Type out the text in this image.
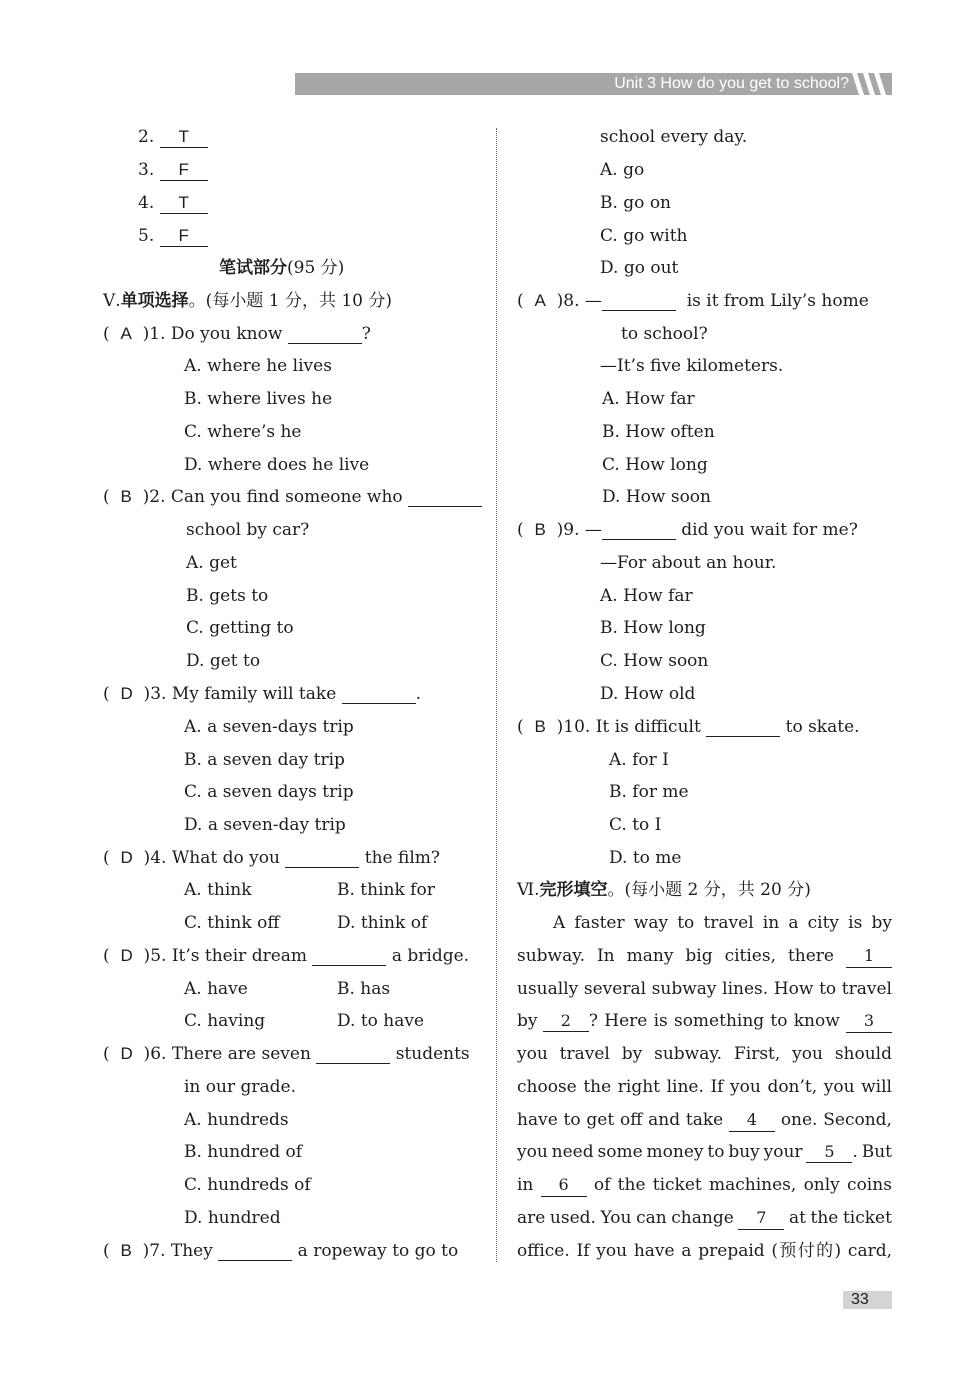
Unit 3 How do you get to school?
2. T
3. F
4. T
5. F
笔试部分(95 分)
Ⅴ.单项选择。(每小题 1 分，共 10 分)
(  A  )1. Do you know	?
A. where he lives
B. where lives he
C. where’s he
D. where does he live
(  B  )2. Can you find someone who
school by car?
A. get
B. gets to
C. getting to
D. get to
(  D  )3. My family will take	.
A. a seven-days trip
B. a seven day trip
C. a seven days trip
D. a seven-day trip
(  D  )4. What do you	the film?
A. think	B. think for
C. think off	D. think of
(  D  )5. It’s their dream	a bridge.
A. have	B. has
C. having	D. to have
(  D  )6. There are seven	students
in our grade.
A. hundreds
B. hundred of
C. hundreds of
D. hundred
(  B  )7. They	a ropeway to go to
school every day.
A. go
B. go on
C. go with
D. go out
(  A  )8. —	is it from Lily’s home
to school?
—It’s five kilometers.
A. How far
B. How often
C. How long
D. How soon
(  B  )9. —	did you wait for me?
—For about an hour.
A. How far
B. How long
C. How soon
D. How old
(  B  )10. It is difficult	to skate.
A. for I
B. for me
C. to I
D. to me
Ⅵ.完形填空。(每小题 2 分，共 20 分)
A faster way to travel in a city is by
subway. In many big cities, there	1
usually several subway lines. How to travel
by 2 ? Here is something to know	3
you travel by subway. First, you should
choose the right line. If you don’t, you will
have to get off and take	4	one. Second,
you need some money to buy your	5 . But
in	6	of the ticket machines, only coins
are used. You can change	7	at the ticket
office. If you have a prepaid (预付的) card,
33
